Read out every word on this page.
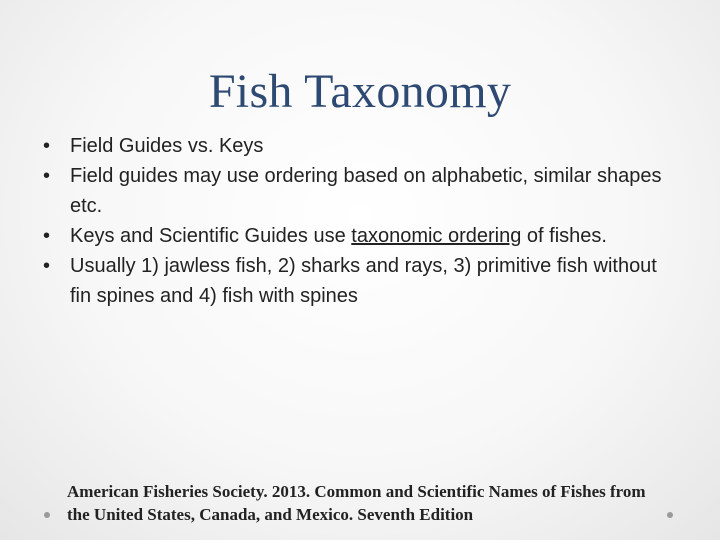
Fish Taxonomy
• Field Guides vs. Keys
• Field guides may use ordering based on alphabetic, similar shapes etc.
• Keys and Scientific Guides use taxonomic ordering of fishes.
• Usually 1) jawless fish, 2) sharks and rays, 3) primitive fish without fin spines and 4) fish with spines
American Fisheries Society. 2013. Common and Scientific Names of Fishes from the United States, Canada, and Mexico. Seventh Edition
